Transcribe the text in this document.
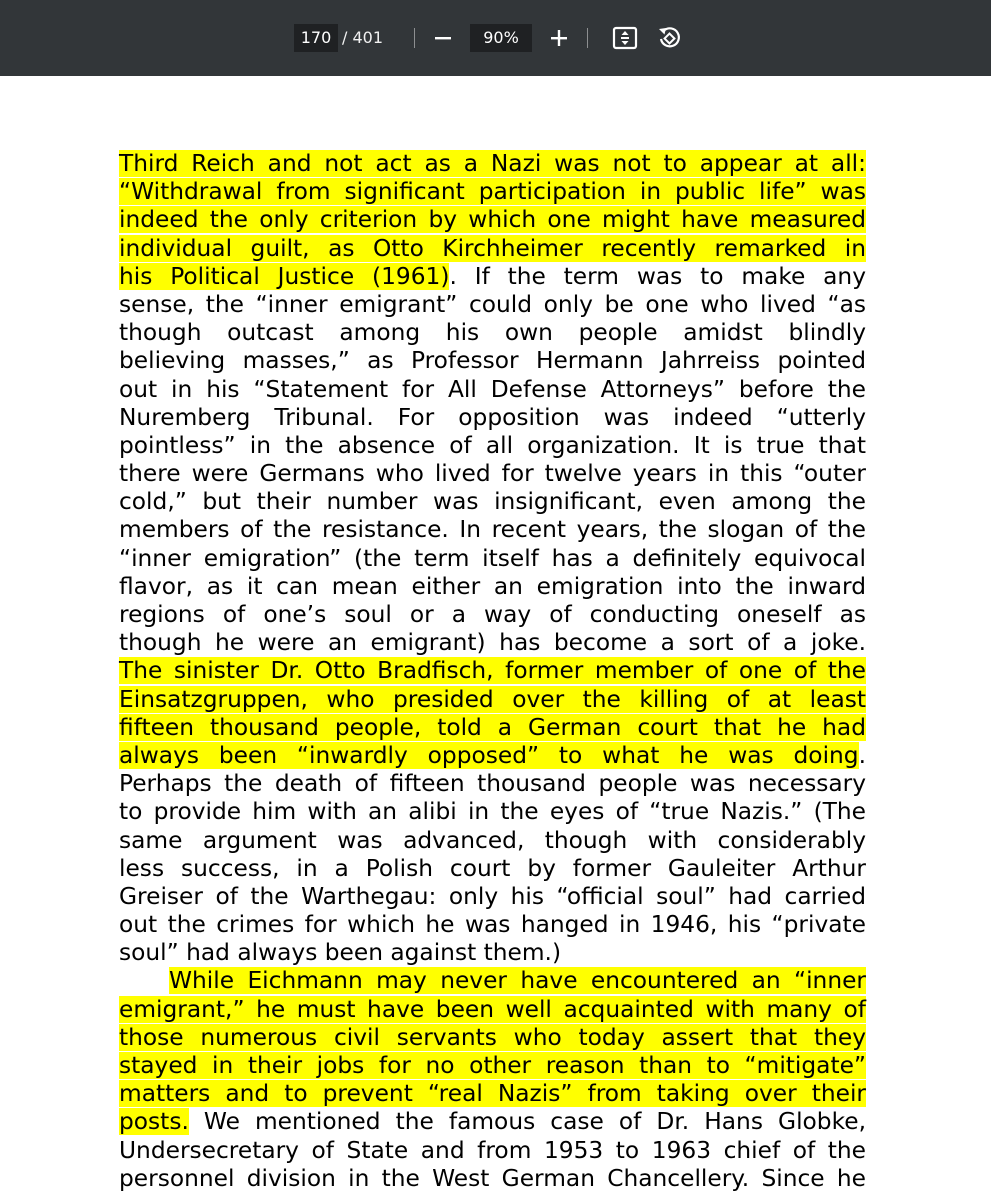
170 / 401	90%
Third Reich and not act as a Nazi was not to appear at all:
“Withdrawal from significant participation in public life” was
indeed the only criterion by which one might have measured
individual guilt, as Otto Kirchheimer recently remarked in
his Political Justice (1961). If the term was to make any
sense, the “inner emigrant” could only be one who lived “as
though outcast among his own people amidst blindly
believing masses,” as Professor Hermann Jahrreiss pointed
out in his “Statement for All Defense Attorneys” before the
Nuremberg Tribunal. For opposition was indeed “utterly
pointless” in the absence of all organization. It is true that
there were Germans who lived for twelve years in this “outer
cold,” but their number was insignificant, even among the
members of the resistance. In recent years, the slogan of the
“inner emigration” (the term itself has a definitely equivocal
flavor, as it can mean either an emigration into the inward
regions of one’s soul or a way of conducting oneself as
though he were an emigrant) has become a sort of a joke.
The sinister Dr. Otto Bradfisch, former member of one of the
Einsatzgruppen, who presided over the killing of at least
fifteen thousand people, told a German court that he had
always been “inwardly opposed” to what he was doing.
Perhaps the death of fifteen thousand people was necessary
to provide him with an alibi in the eyes of “true Nazis.” (The
same argument was advanced, though with considerably
less success, in a Polish court by former Gauleiter Arthur
Greiser of the Warthegau: only his “official soul” had carried
out the crimes for which he was hanged in 1946, his “private
soul” had always been against them.)
While Eichmann may never have encountered an “inner
emigrant,” he must have been well acquainted with many of
those numerous civil servants who today assert that they
stayed in their jobs for no other reason than to “mitigate”
matters and to prevent “real Nazis” from taking over their
posts. We mentioned the famous case of Dr. Hans Globke,
Undersecretary of State and from 1953 to 1963 chief of the
personnel division in the West German Chancellery. Since he
